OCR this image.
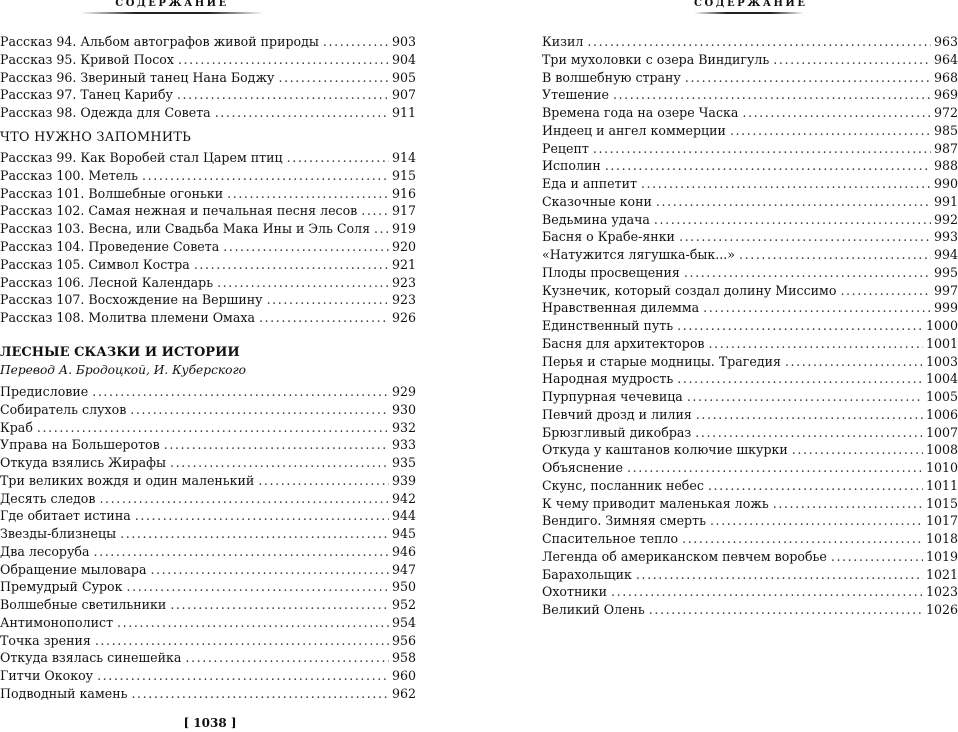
СОДЕРЖАНИЕ
Рассказ 94. Альбом автографов живой природы .....	903
Рассказ 95. Кривой Посох .....	904
Рассказ 96. Звериный танец Нана Боджу .....	905
Рассказ 97. Танец Карибу .....	907
Рассказ 98. Одежда для Совета .....	911
ЧТО НУЖНО ЗАПОМНИТЬ
Рассказ 99. Как Воробей стал Царем птиц .....	914
Рассказ 100. Метель .....	915
Рассказ 101. Волшебные огоньки .....	916
Рассказ 102. Самая нежная и печальная песня лесов .....	917
Рассказ 103. Весна, или Свадьба Мака Ины и Эль Соля ..... 919
Рассказ 104. Проведение Совета .....	920
Рассказ 105. Символ Костра .....	921
Рассказ 106. Лесной Календарь .....	923
Рассказ 107. Восхождение на Вершину .....	923
Рассказ 108. Молитва племени Омаха .....	926
ЛЕСНЫЕ СКАЗКИ И ИСТОРИИ
Перевод А. Бродоцкой, И. Куберского
Предисловие .....	929
Собиратель слухов .....	930
Краб .....	932
Управа на Большеротов .....	933
Откуда взялись Жирафы .....	935
Три великих вождя и один маленький .....	939
Десять следов .....	942
Где обитает истина .....	944
Звезды-близнецы .....	945
Два лесоруба .....	946
Обращение мыловара .....	947
Премудрый Сурок .....	950
Волшебные светильники .....	952
Антимонополист .....	954
Точка зрения .....	956
Откуда взялась синешейка .....	958
Гитчи Ококоу .....	960
Подводный камень .....	962
[ 1038 ]
СОДЕРЖАНИЕ
Кизил .....	963
Три мухоловки с озера Виндигуль .....	964
В волшебную страну .....	968
Утешение .....	969
Времена года на озере Часка .....	972
Индеец и ангел коммерции .....	985
Рецепт .....	987
Исполин .....	988
Еда и аппетит .....	990
Сказочные кони .....	991
Ведьмина удача .....	992
Басня о Крабе-янки .....	993
«Натужится лягушка-бык...» .....	994
Плоды просвещения .....	995
Кузнечик, который создал долину Миссимо .....	997
Нравственная дилемма .....	999
Единственный путь .....	1000
Басня для архитекторов .....	1001
Перья и старые модницы. Трагедия .....	1003
Народная мудрость .....	1004
Пурпурная чечевица .....	1005
Певчий дрозд и лилия .....	1006
Брюзгливый дикобраз .....	1007
Откуда у каштанов колючие шкурки .....	1008
Объяснение .....	1010
Скунс, посланник небес .....	1011
К чему приводит маленькая ложь .....	1015
Вендиго. Зимняя смерть .....	1017
Спасительное тепло .....	1018
Легенда об американском певчем воробье .....	1019
Барахольщик .....	1021
Охотники .....	1023
Великий Олень .....	1026
